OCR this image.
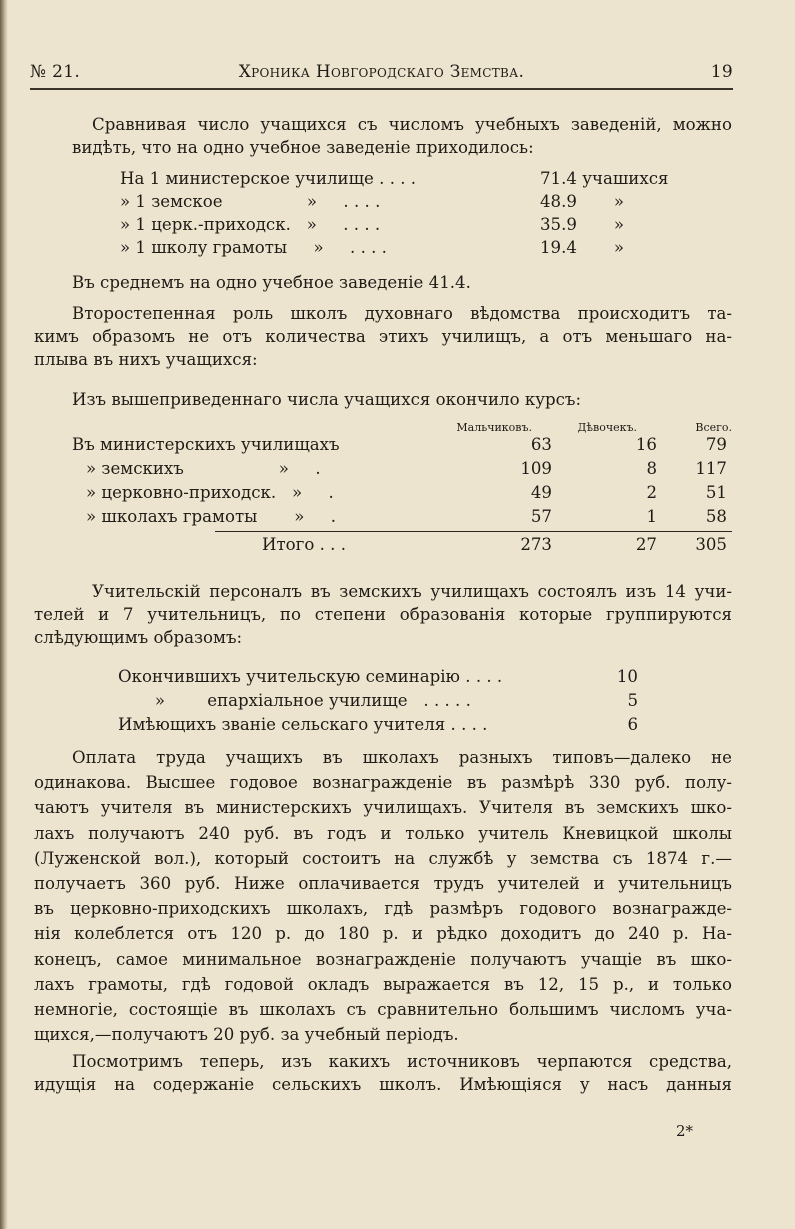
№ 21.	Хроника Новгородскаго Земства.	19
Сравнивая число учащихся съ числомъ учебныхъ заведеній, можно
видѣть, что на одно учебное заведеніе приходилось:
На 1 министерское училище . . . .	71.4 учашихся
» 1 земское                »     . . . .	48.9       »
» 1 церк.-приходск.   »     . . . .	35.9       »
» 1 школу грамоты     »     . . . .	19.4       »
Въ среднемъ на одно учебное заведеніе 41.4.
Второстепенная роль школъ духовнаго вѣдомства происходитъ та-
кимъ образомъ не отъ количества этихъ училищъ, а отъ меньшаго на-
плыва въ нихъ учащихся:
Изъ вышеприведеннаго числа учащихся окончило курсъ:
Мальчиковъ.	Дѣвочекъ.	Всего.
Въ министерскихъ училищахъ	63	16	79
» земскихъ                  »     .	109	8	117
» церковно-приходск.   »     .	49	2	51
» школахъ грамоты       »     .	57	1	58
Итого . . .	273	27	305
Учительскій персоналъ въ земскихъ училищахъ состоялъ изъ 14 учи-
телей и 7 учительницъ, по степени образованія которые группируются
слѣдующимъ образомъ:
Окончившихъ учительскую семинарію . . . .	10
»        епархіальное училище   . . . . .	5
Имѣющихъ званіе сельскаго учителя . . . .	6
Оплата труда учащихъ въ школахъ разныхъ типовъ—далеко не
одинакова. Высшее годовое вознагражденіе въ размѣрѣ 330 руб. полу-
чаютъ учителя въ министерскихъ училищахъ. Учителя въ земскихъ шко-
лахъ получаютъ 240 руб. въ годъ и только учитель Кневицкой школы
(Луженской вол.), который состоитъ на службѣ у земства съ 1874 г.—
получаетъ 360 руб. Ниже оплачивается трудъ учителей и учительницъ
въ церковно-приходскихъ школахъ, гдѣ размѣръ годового вознагражде-
нія колеблется отъ 120 р. до 180 р. и рѣдко доходитъ до 240 р. На-
конецъ, самое минимальное вознагражденіе получаютъ учащіе въ шко-
лахъ грамоты, гдѣ годовой окладъ выражается въ 12, 15 р., и только
немногіе, состоящіе въ школахъ съ сравнительно большимъ числомъ уча-
щихся,—получаютъ 20 руб. за учебный періодъ.
Посмотримъ теперь, изъ какихъ источниковъ черпаются средства,
идущія на содержаніе сельскихъ школъ. Имѣющіяся у насъ данныя
2*
